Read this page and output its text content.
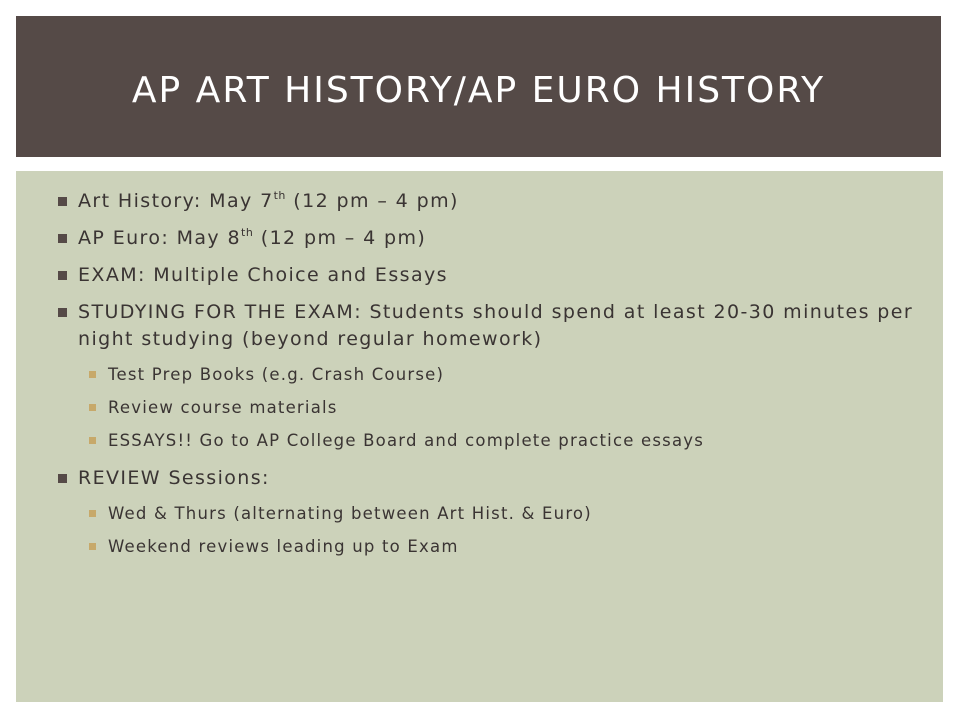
AP ART HISTORY/AP EURO HISTORY
Art History: May 7th (12 pm – 4 pm)
AP Euro: May 8th (12 pm – 4 pm)
EXAM: Multiple Choice and Essays
STUDYING FOR THE EXAM: Students should spend at least 20-30 minutes per night studying (beyond regular homework)
Test Prep Books (e.g. Crash Course)
Review course materials
ESSAYS!! Go to AP College Board and complete practice essays
REVIEW Sessions:
Wed & Thurs (alternating between Art Hist. & Euro)
Weekend reviews leading up to Exam
